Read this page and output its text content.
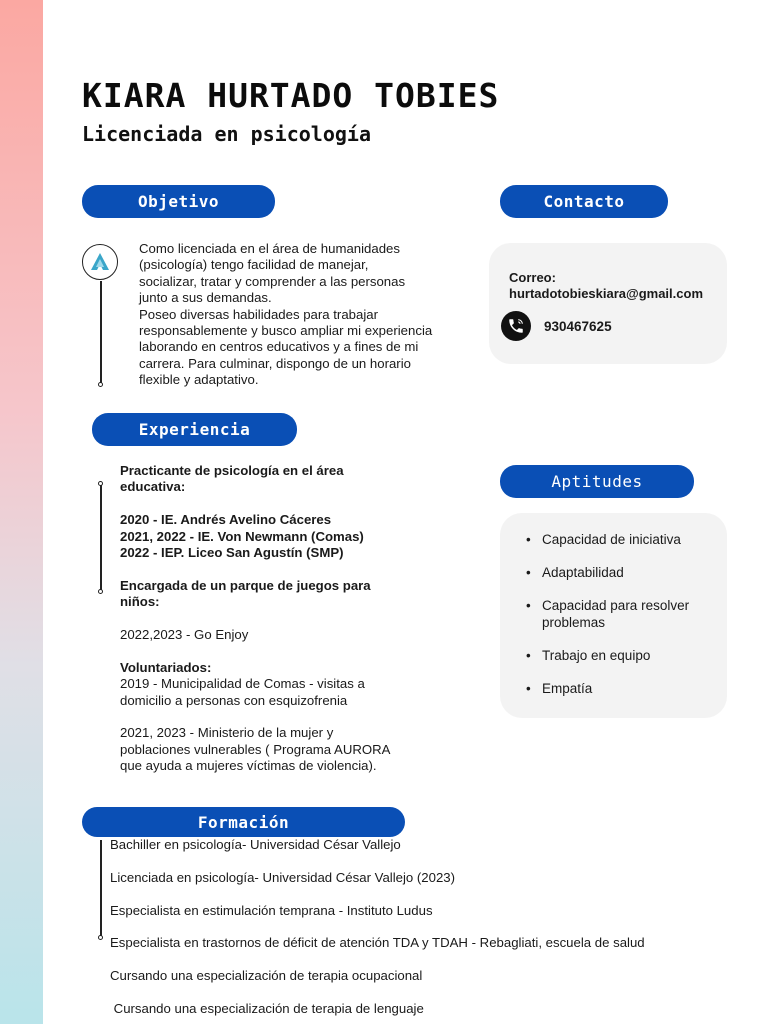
KIARA HURTADO TOBIES
Licenciada en psicología
Objetivo
Como licenciada en el área de humanidades
(psicología) tengo facilidad de manejar,
socializar, tratar y comprender a las personas
junto a sus demandas.
Poseo diversas habilidades para trabajar
responsablemente y busco ampliar mi experiencia
laborando en centros educativos y a fines de mi
carrera. Para culminar, dispongo de un horario
flexible y adaptativo.
Contacto
Correo:
hurtadotobieskiara@gmail.com
930467625
Experiencia
Practicante de psicología en el área
educativa:
2020 - IE. Andrés Avelino Cáceres
2021, 2022 - IE. Von Newmann (Comas)
2022 - IEP. Liceo San Agustín (SMP)
Encargada de un parque de juegos para
niños:
2022,2023 - Go Enjoy
Voluntariados:
2019 - Municipalidad de Comas - visitas a
domicilio a personas con esquizofrenia
2021, 2023 - Ministerio de la mujer y
poblaciones vulnerables ( Programa AURORA
que ayuda a mujeres víctimas de violencia).
Aptitudes
• Capacidad de iniciativa
• Adaptabilidad
• Capacidad para resolver problemas
• Trabajo en equipo
• Empatía
Formación
Bachiller en psicología- Universidad César Vallejo
Licenciada en psicología- Universidad César Vallejo (2023)
Especialista en estimulación temprana - Instituto Ludus
Especialista en trastornos de déficit de atención TDA y TDAH - Rebagliati, escuela de salud
Cursando una especialización de terapia ocupacional
Cursando una especialización de terapia de lenguaje
